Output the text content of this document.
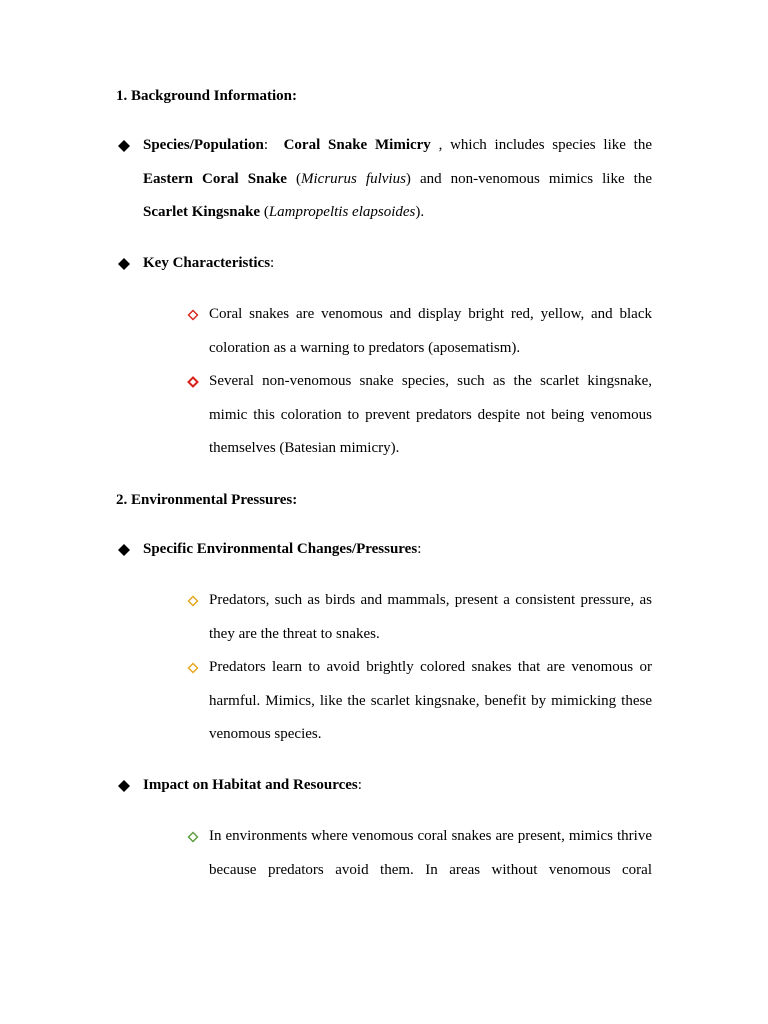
1. Background Information:
Species/Population: Coral Snake Mimicry , which includes species like the Eastern Coral Snake (Micrurus fulvius) and non-venomous mimics like the Scarlet Kingsnake (Lampropeltis elapsoides).
Key Characteristics:
Coral snakes are venomous and display bright red, yellow, and black coloration as a warning to predators (aposematism).
Several non-venomous snake species, such as the scarlet kingsnake, mimic this coloration to prevent predators despite not being venomous themselves (Batesian mimicry).
2. Environmental Pressures:
Specific Environmental Changes/Pressures:
Predators, such as birds and mammals, present a consistent pressure, as they are the threat to snakes.
Predators learn to avoid brightly colored snakes that are venomous or harmful. Mimics, like the scarlet kingsnake, benefit by mimicking these venomous species.
Impact on Habitat and Resources:
In environments where venomous coral snakes are present, mimics thrive because predators avoid them. In areas without venomous coral
